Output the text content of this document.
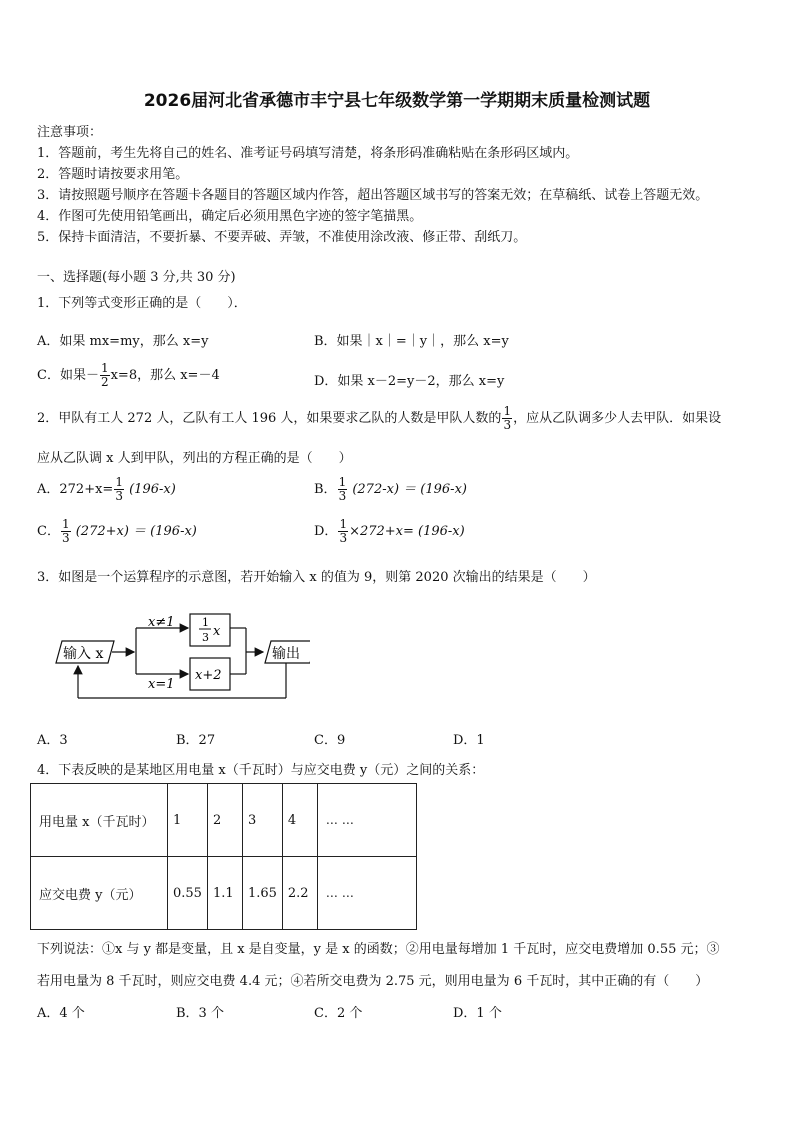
2026届河北省承德市丰宁县七年级数学第一学期期末质量检测试题
注意事项：
1．答题前，考生先将自己的姓名、准考证号码填写清楚，将条形码准确粘贴在条形码区域内。
2．答题时请按要求用笔。
3．请按照题号顺序在答题卡各题目的答题区域内作答，超出答题区域书写的答案无效；在草稿纸、试卷上答题无效。
4．作图可先使用铅笔画出，确定后必须用黑色字迹的签字笔描黑。
5．保持卡面清洁，不要折暴、不要弄破、弄皱，不准使用涂改液、修正带、刮纸刀。
一、选择题(每小题 3 分,共 30 分)
1．下列等式变形正确的是（　　）．
A．如果 mx=my，那么 x=y	B．如果｜x｜=｜y｜，那么 x=y
C．如果－ $\frac{1}{2} x=8$，那么 x=－4	D．如果 x－2=y－2，那么 x=y
2．甲队有工人 272 人，乙队有工人 196 人，如果要求乙队的人数是甲队人数的 $\frac{1}{3}$ ，应从乙队调多少人去甲队．如果设
应从乙队调 x 人到甲队，列出的方程正确的是（　　）
A．$272+x= \frac{1}{3} (196-x)$	B． $\frac{1}{3} (272-x) = (196-x)$
C． $\frac{1}{3} (272+x) = (196-x)$	D． $\frac{1}{3} \times 272+x= (196-x)$
3．如图是一个运算程序的示意图，若开始输入 x 的值为 9，则第 2020 次输出的结果是（　　）
输入 x
x≠1	1
3 x
x+2
输出
x=1
A．3	B．27	C．9	D．1
4．下表反映的是某地区用电量 x（千瓦时）与应交电费 y（元）之间的关系：
用电量 x（千瓦时）	1	2	3	4	……
应交电费 y（元）	0.55	1.1	1.65	2.2	……
下列说法：①x 与 y 都是变量，且 x 是自变量，y 是 x 的函数；②用电量每增加 1 千瓦时，应交电费增加 0.55 元；③
若用电量为 8 千瓦时，则应交电费 4.4 元；④若所交电费为 2.75 元，则用电量为 6 千瓦时，其中正确的有（　　）
A．4 个	B．3 个	C．2 个	D．1 个
